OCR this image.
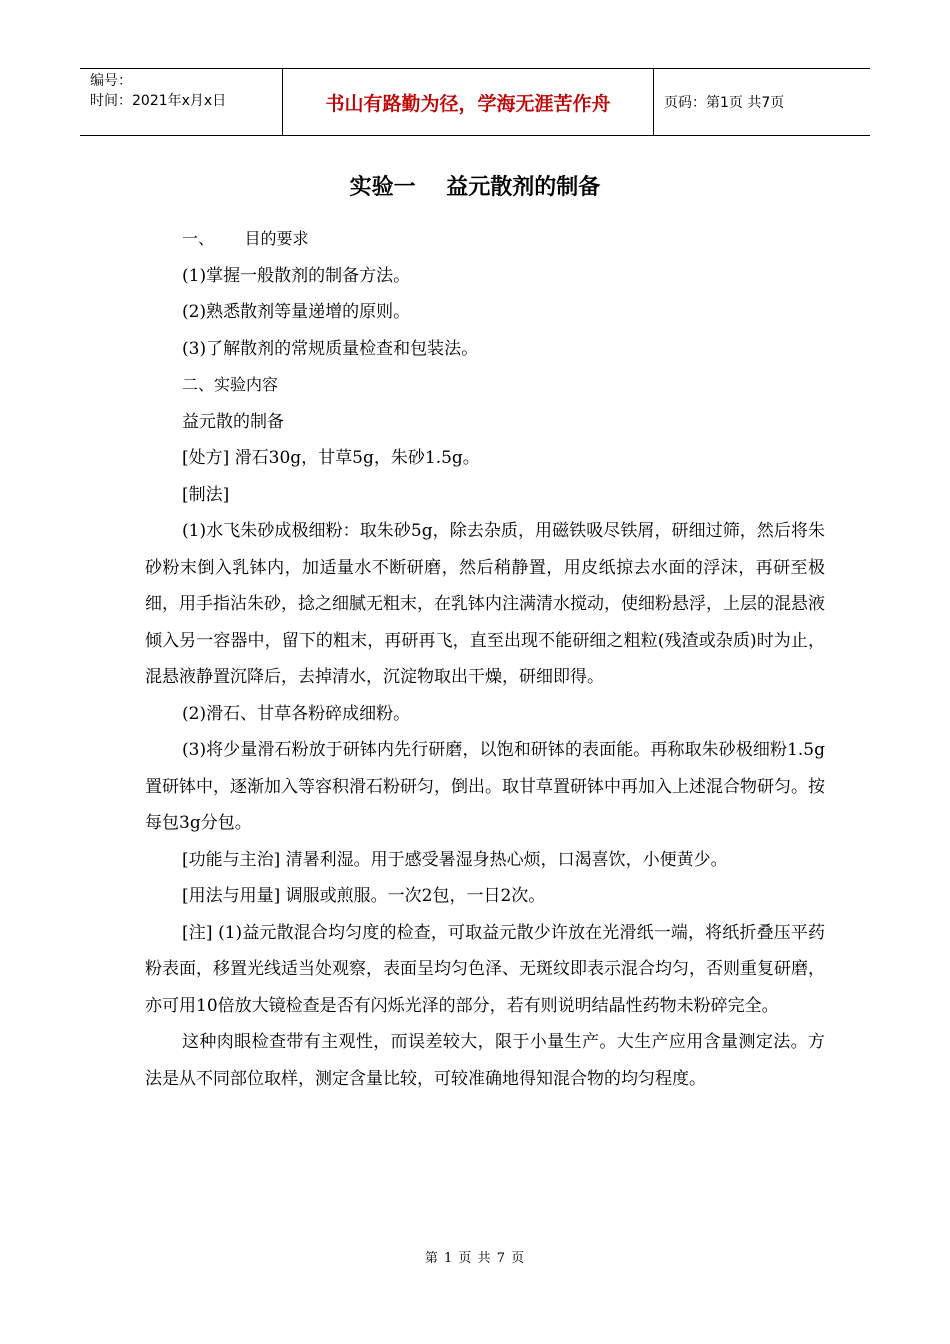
编号：
时间：2021年x月x日	书山有路勤为径，学海无涯苦作舟	页码：第1页 共7页
实验一    益元散剂的制备

一、 目的要求

(1)掌握一般散剂的制备方法。

(2)熟悉散剂等量递增的原则。

(3)了解散剂的常规质量检查和包装法。

二、实验内容

益元散的制备

[处方] 滑石30g，甘草5g，朱砂1.5g。

[制法]

(1)水飞朱砂成极细粉：取朱砂5g，除去杂质，用磁铁吸尽铁屑，研细过筛，然后将朱砂粉末倒入乳钵内，加适量水不断研磨，然后稍静置，用皮纸掠去水面的浮沫，再研至极细，用手指沾朱砂，捻之细腻无粗末，在乳钵内注满清水搅动，使细粉悬浮，上层的混悬液倾入另一容器中，留下的粗末，再研再飞，直至出现不能研细之粗粒(残渣或杂质)时为止，混悬液静置沉降后，去掉清水，沉淀物取出干燥，研细即得。

(2)滑石、甘草各粉碎成细粉。

(3)将少量滑石粉放于研钵内先行研磨，以饱和研钵的表面能。再称取朱砂极细粉1.5g置研钵中，逐渐加入等容积滑石粉研匀，倒出。取甘草置研钵中再加入上述混合物研匀。按每包3g分包。

[功能与主治] 清暑利湿。用于感受暑湿身热心烦，口渴喜饮，小便黄少。

[用法与用量] 调服或煎服。一次2包，一日2次。

[注] (1)益元散混合均匀度的检查，可取益元散少许放在光滑纸一端，将纸折叠压平药粉表面，移置光线适当处观察，表面呈均匀色泽、无斑纹即表示混合均匀，否则重复研磨，亦可用10倍放大镜检查是否有闪烁光泽的部分，若有则说明结晶性药物未粉碎完全。

这种肉眼检查带有主观性，而误差较大，限于小量生产。大生产应用含量测定法。方法是从不同部位取样，测定含量比较，可较准确地得知混合物的均匀程度。

第 1 页 共 7 页
